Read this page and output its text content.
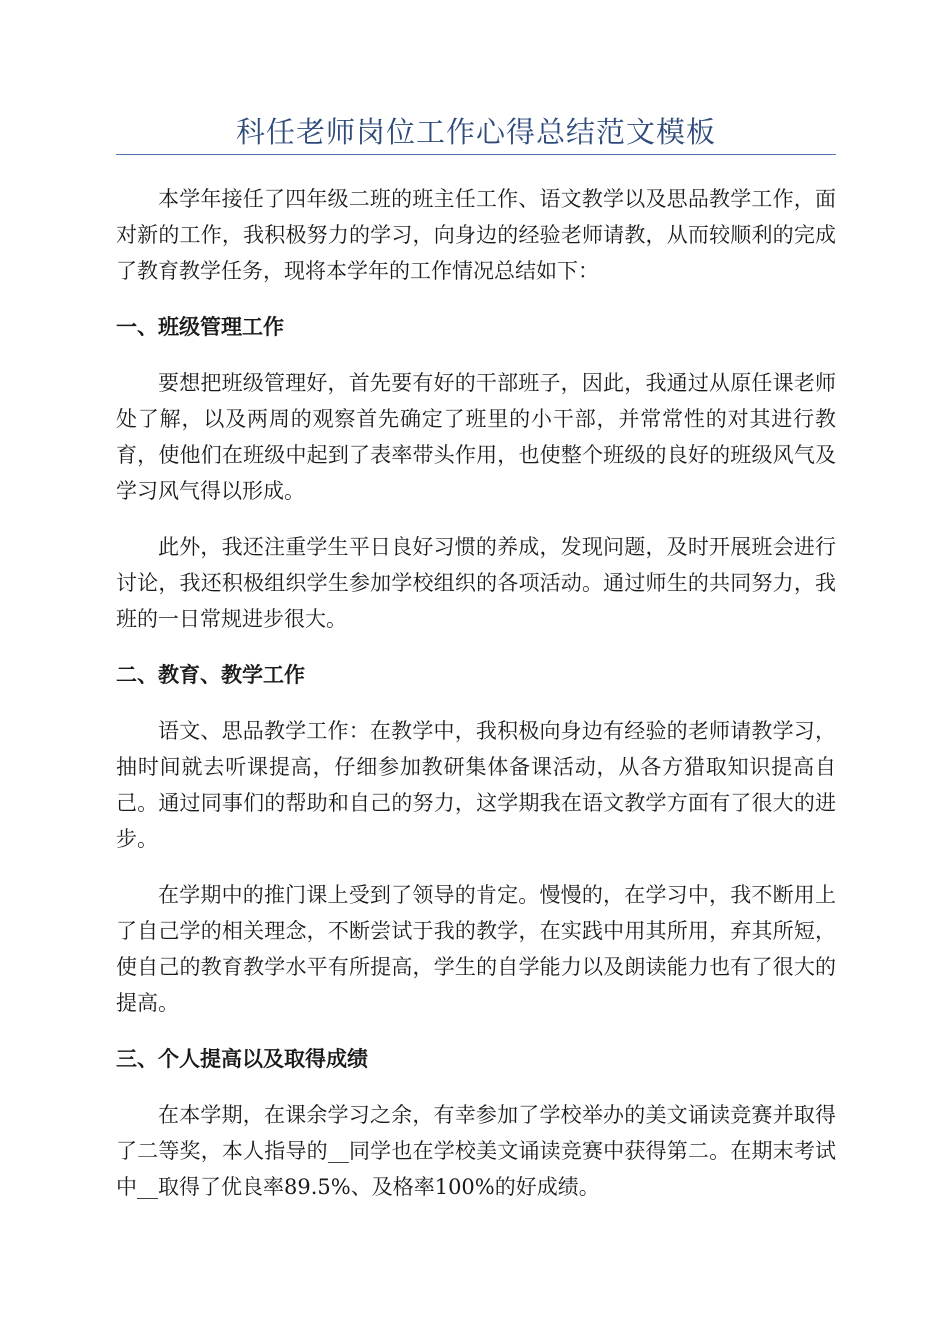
科任老师岗位工作心得总结范文模板

本学年接任了四年级二班的班主任工作、语文教学以及思品教学工作，面对新的工作，我积极努力的学习，向身边的经验老师请教，从而较顺利的完成了教育教学任务，现将本学年的工作情况总结如下：

一、班级管理工作

要想把班级管理好，首先要有好的干部班子，因此，我通过从原任课老师处了解，以及两周的观察首先确定了班里的小干部，并常常性的对其进行教育，使他们在班级中起到了表率带头作用，也使整个班级的良好的班级风气及学习风气得以形成。

此外，我还注重学生平日良好习惯的养成，发现问题，及时开展班会进行讨论，我还积极组织学生参加学校组织的各项活动。通过师生的共同努力，我班的一日常规进步很大。

二、教育、教学工作

语文、思品教学工作：在教学中，我积极向身边有经验的老师请教学习，抽时间就去听课提高，仔细参加教研集体备课活动，从各方猎取知识提高自己。通过同事们的帮助和自己的努力，这学期我在语文教学方面有了很大的进步。

在学期中的推门课上受到了领导的肯定。慢慢的，在学习中，我不断用上了自己学的相关理念，不断尝试于我的教学，在实践中用其所用，弃其所短，使自己的教育教学水平有所提高，学生的自学能力以及朗读能力也有了很大的提高。

三、个人提高以及取得成绩

在本学期，在课余学习之余，有幸参加了学校举办的美文诵读竞赛并取得了二等奖，本人指导的__同学也在学校美文诵读竞赛中获得第二。在期末考试中__取得了优良率89.5%、及格率100%的好成绩。
